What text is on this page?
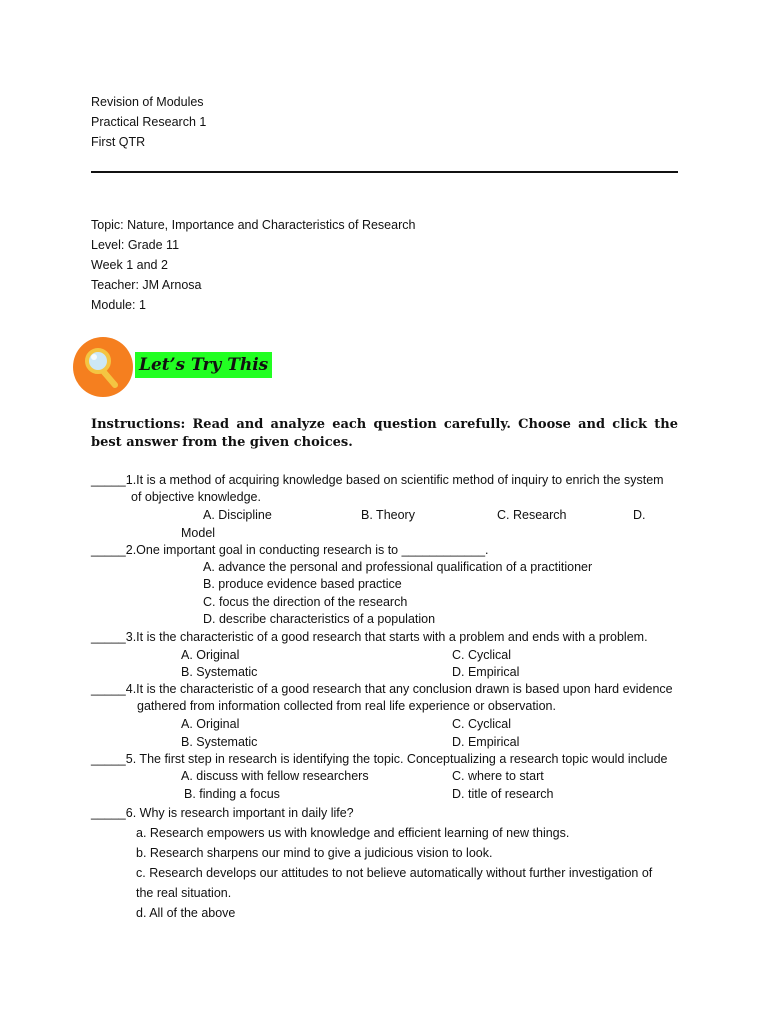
Revision of Modules
Practical Research 1
First QTR
Topic: Nature, Importance and Characteristics of Research
Level: Grade 11
Week 1 and 2
Teacher: JM Arnosa
Module: 1
Let’s Try This
Instructions: Read and analyze each question carefully. Choose and click the best answer from the given choices.
_____1.It is a method of acquiring knowledge based on scientific method of inquiry to enrich the system
of objective knowledge.
A. Discipline	B. Theory	C. Research	D.
Model
_____2.One important goal in conducting research is to ____________.
A. advance the personal and professional qualification of a practitioner
B. produce evidence based practice
C. focus the direction of the research
D. describe characteristics of a population
_____3.It is the characteristic of a good research that starts with a problem and ends with a problem.
A. Original	C. Cyclical
B. Systematic	D. Empirical
_____4.It is the characteristic of a good research that any conclusion drawn is based upon hard evidence
gathered from information collected from real life experience or observation.
A. Original	C. Cyclical
B. Systematic	D. Empirical
_____5. The first step in research is identifying the topic. Conceptualizing a research topic would include
A. discuss with fellow researchers	C. where to start
B. finding a focus	D. title of research
_____6. Why is research important in daily life?
a. Research empowers us with knowledge and efficient learning of new things.
b. Research sharpens our mind to give a judicious vision to look.
c. Research develops our attitudes to not believe automatically without further investigation of
the real situation.
d. All of the above
